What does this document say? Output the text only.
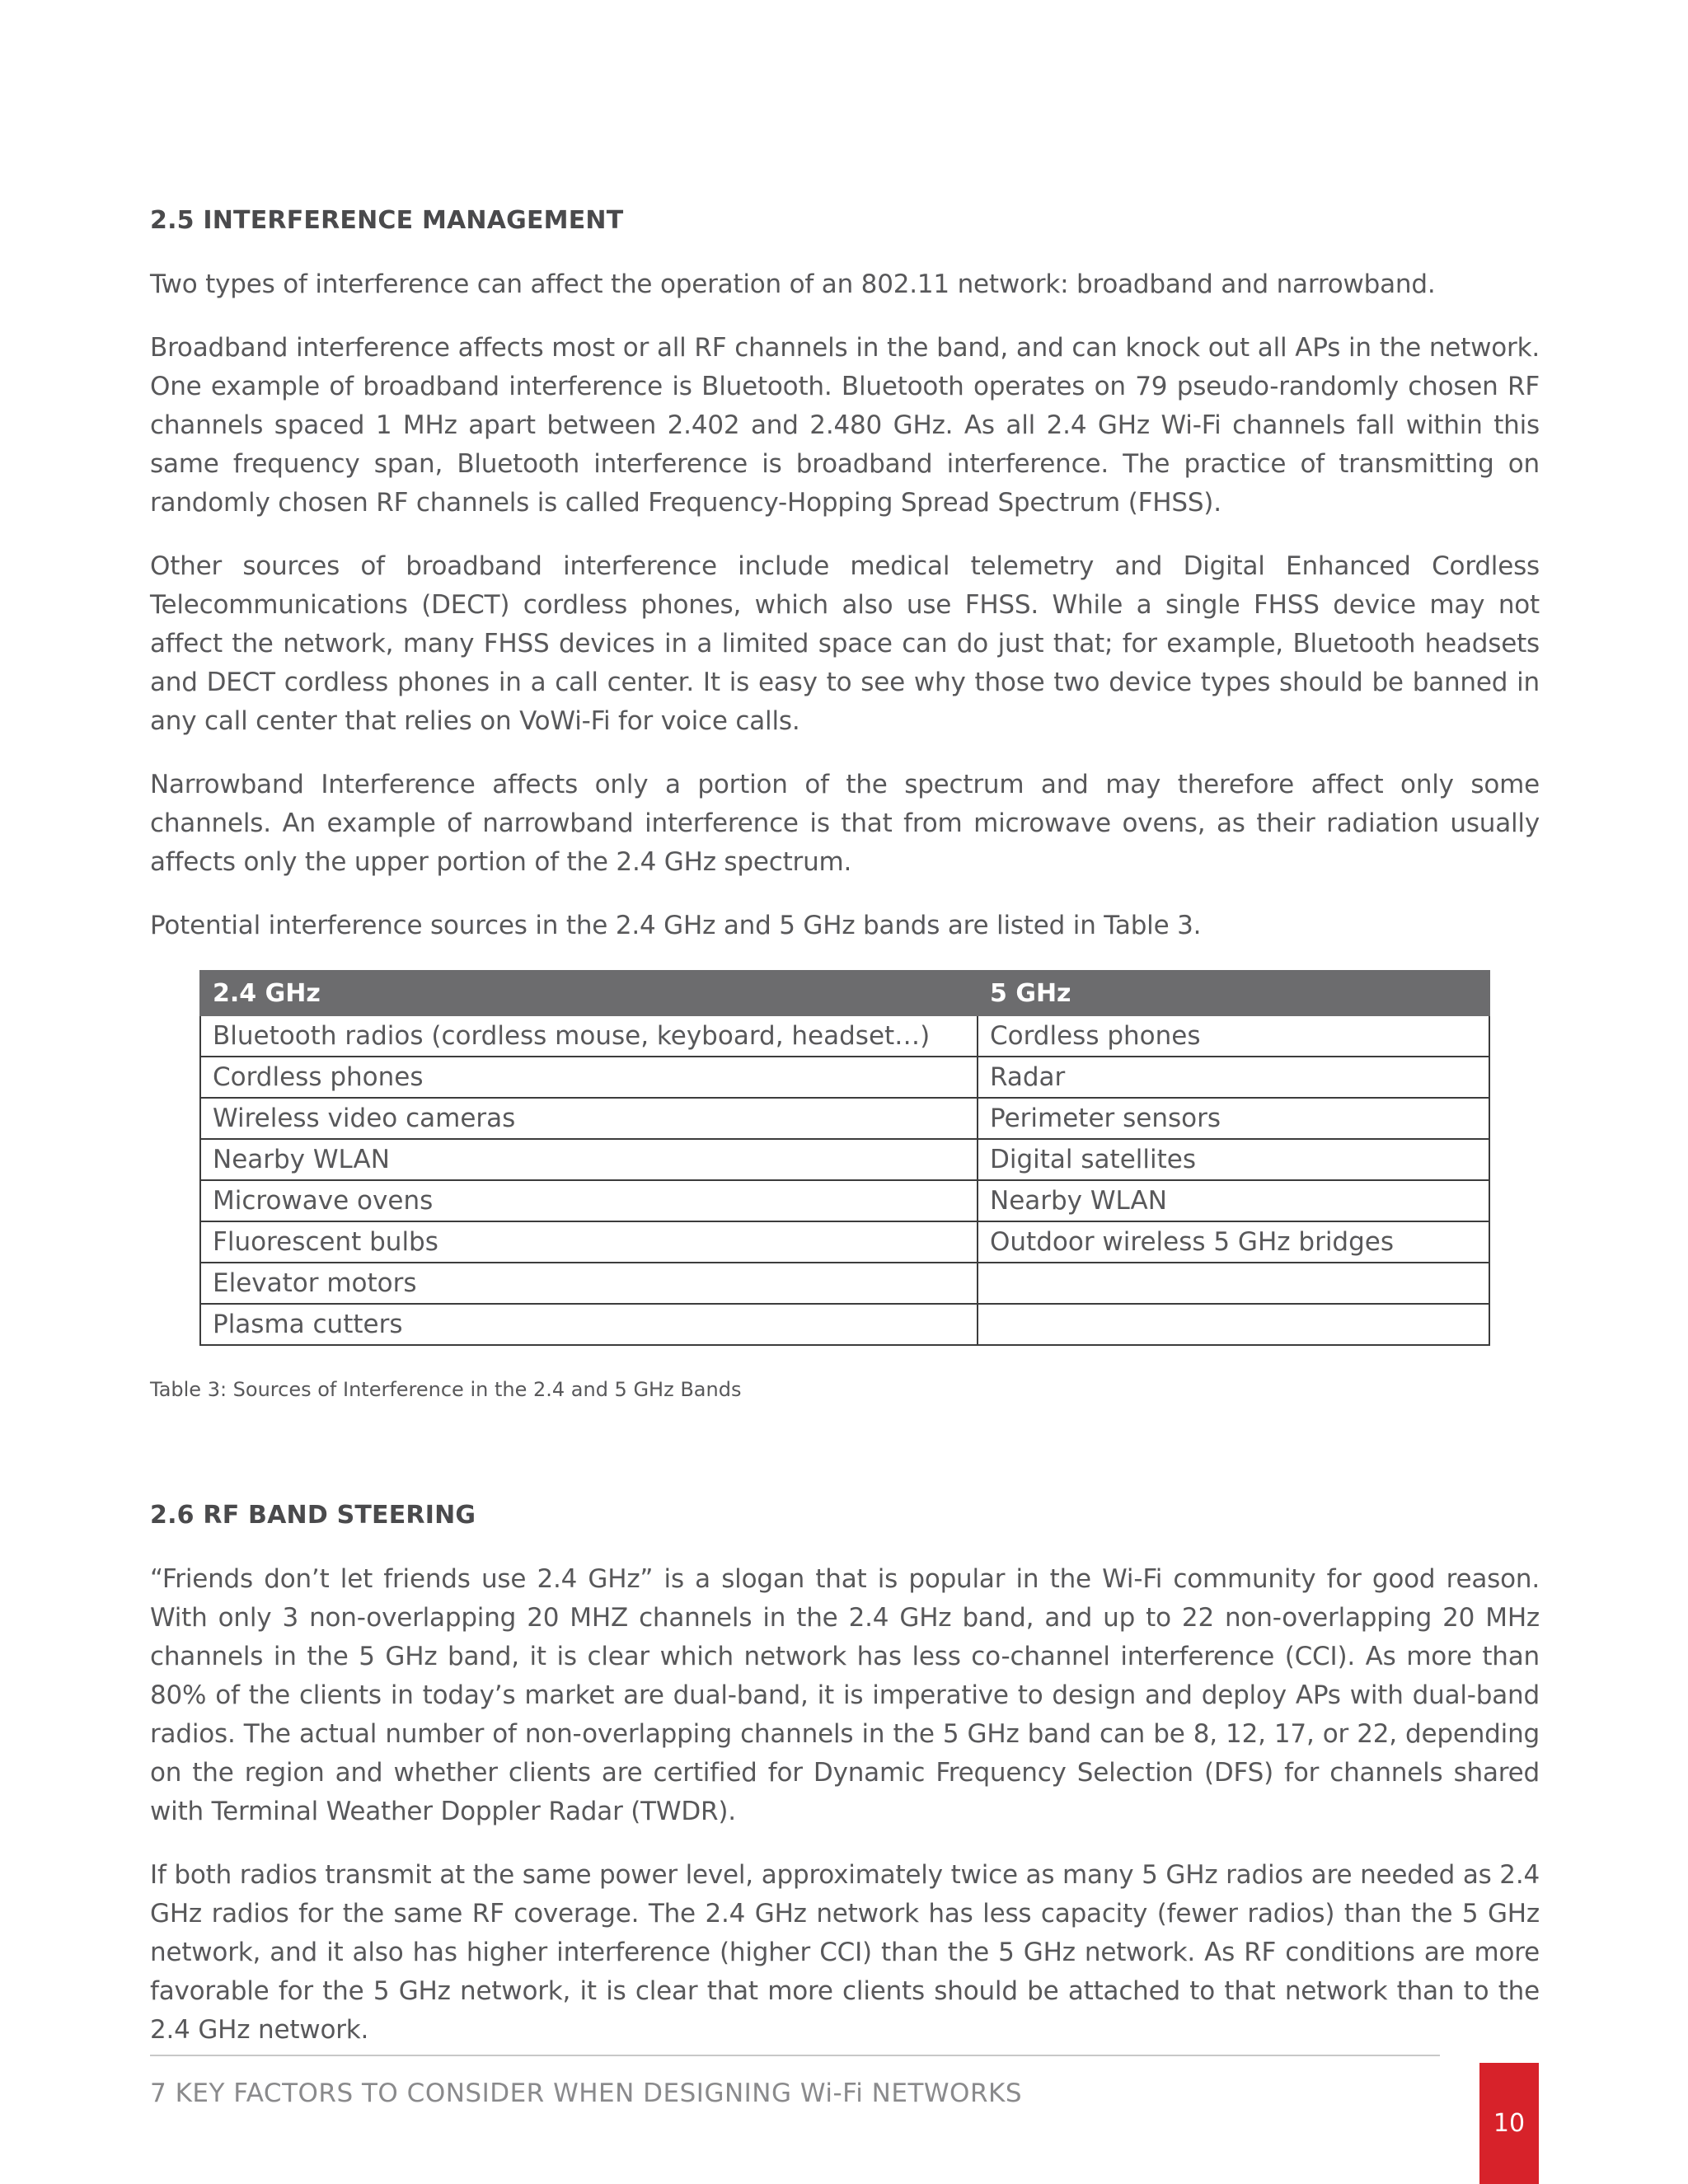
2.5 INTERFERENCE MANAGEMENT

Two types of interference can affect the operation of an 802.11 network: broadband and narrowband.

Broadband interference affects most or all RF channels in the band, and can knock out all APs in the network. One example of broadband interference is Bluetooth. Bluetooth operates on 79 pseudo-randomly chosen RF channels spaced 1 MHz apart between 2.402 and 2.480 GHz. As all 2.4 GHz Wi-Fi channels fall within this same frequency span, Bluetooth interference is broadband interference. The practice of transmitting on randomly chosen RF channels is called Frequency-Hopping Spread Spectrum (FHSS).

Other sources of broadband interference include medical telemetry and Digital Enhanced Cordless Telecommunications (DECT) cordless phones, which also use FHSS. While a single FHSS device may not affect the network, many FHSS devices in a limited space can do just that; for example, Bluetooth headsets and DECT cordless phones in a call center. It is easy to see why those two device types should be banned in any call center that relies on VoWi-Fi for voice calls.

Narrowband Interference affects only a portion of the spectrum and may therefore affect only some channels. An example of narrowband interference is that from microwave ovens, as their radiation usually affects only the upper portion of the 2.4 GHz spectrum.

Potential interference sources in the 2.4 GHz and 5 GHz bands are listed in Table 3.

2.4 GHz	5 GHz
Bluetooth radios (cordless mouse, keyboard, headset…)	Cordless phones
Cordless phones	Radar
Wireless video cameras	Perimeter sensors
Nearby WLAN	Digital satellites
Microwave ovens	Nearby WLAN
Fluorescent bulbs	Outdoor wireless 5 GHz bridges
Elevator motors	
Plasma cutters	
Table 3: Sources of Interference in the 2.4 and 5 GHz Bands
2.6 RF BAND STEERING

“Friends don’t let friends use 2.4 GHz” is a slogan that is popular in the Wi-Fi community for good reason. With only 3 non-overlapping 20 MHZ channels in the 2.4 GHz band, and up to 22 non-overlapping 20 MHz channels in the 5 GHz band, it is clear which network has less co-channel interference (CCI). As more than 80% of the clients in today’s market are dual-band, it is imperative to design and deploy APs with dual-band radios. The actual number of non-overlapping channels in the 5 GHz band can be 8, 12, 17, or 22, depending on the region and whether clients are certified for Dynamic Frequency Selection (DFS) for channels shared with Terminal Weather Doppler Radar (TWDR).

If both radios transmit at the same power level, approximately twice as many 5 GHz radios are needed as 2.4 GHz radios for the same RF coverage. The 2.4 GHz network has less capacity (fewer radios) than the 5 GHz network, and it also has higher interference (higher CCI) than the 5 GHz network. As RF conditions are more favorable for the 5 GHz network, it is clear that more clients should be attached to that network than to the 2.4 GHz network.

7 KEY FACTORS TO CONSIDER WHEN DESIGNING Wi-Fi NETWORKS
10
